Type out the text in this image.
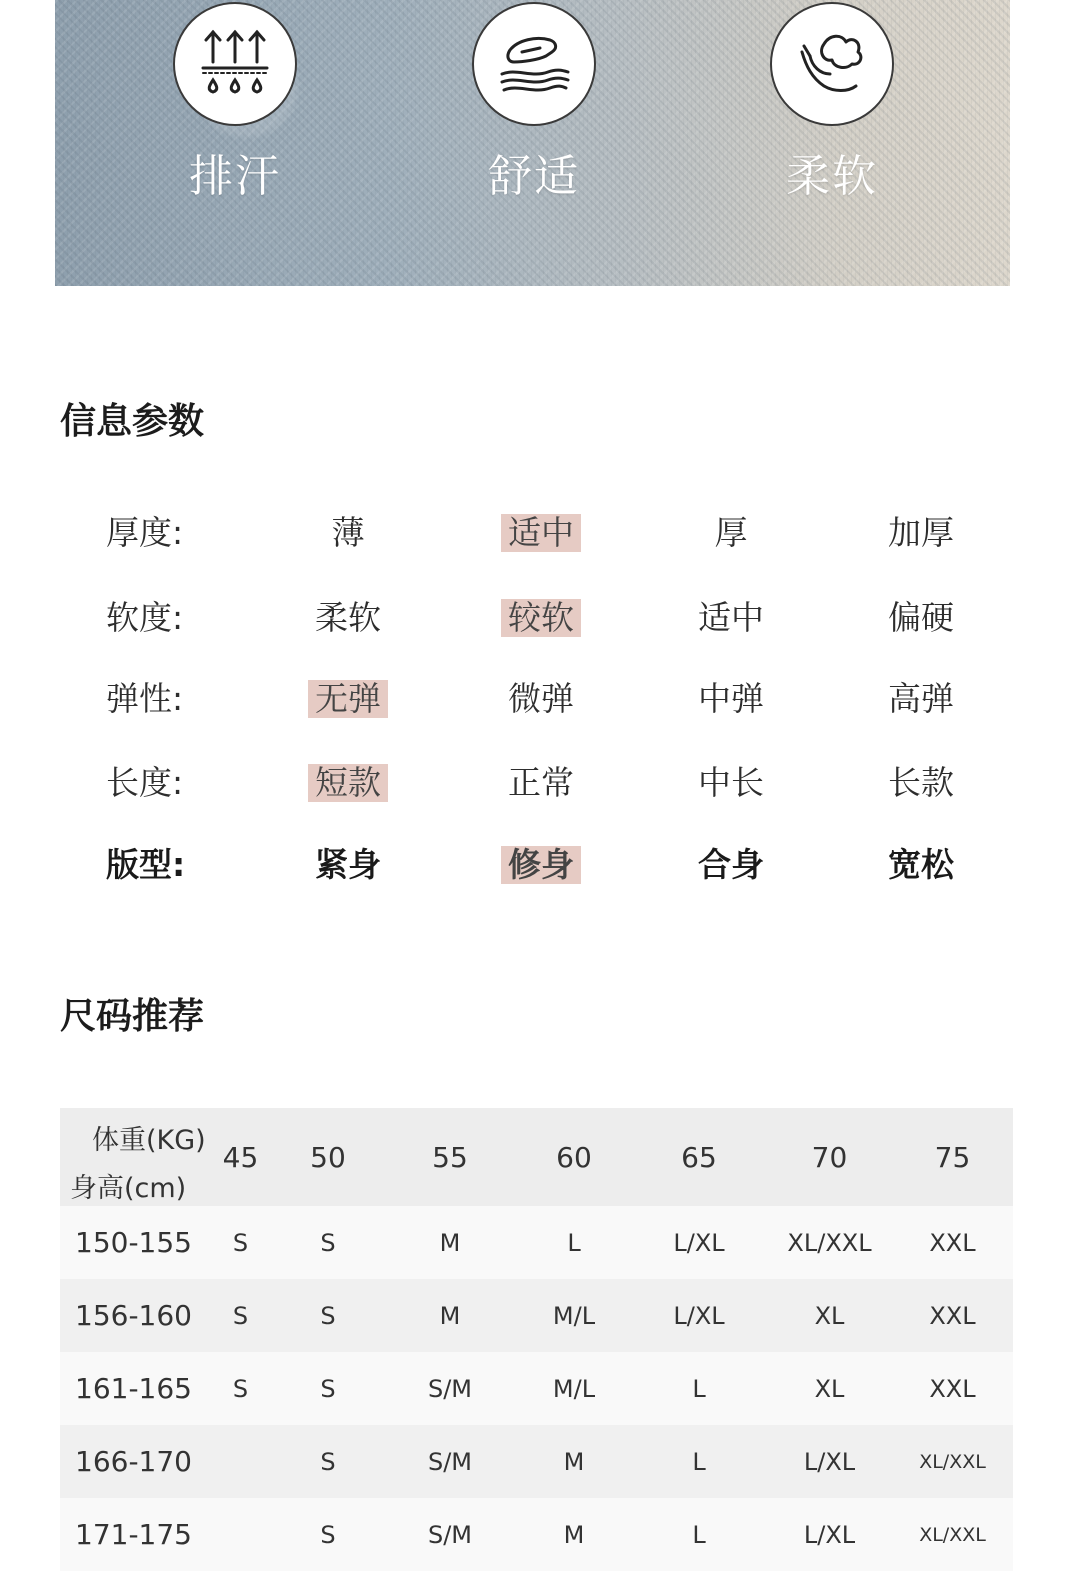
排汗	舒适	柔软
信息参数
厚度:	薄	适中	厚	加厚
软度:	柔软	较软	适中	偏硬
弹性:	无弹	微弹	中弹	高弹
长度:	短款	正常	中长	长款
版型:	紧身	修身	合身	宽松
尺码推荐
体重(KG)
身高(cm)	45	50	55	60	65	70	75
150-155	S	S	M	L	L/XL	XL/XXL	XXL
156-160	S	S	M	M/L	L/XL	XL	XXL
161-165	S	S	S/M	M/L	L	XL	XXL
166-170		S	S/M	M	L	L/XL	XL/XXL
171-175		S	S/M	M	L	L/XL	XL/XXL
